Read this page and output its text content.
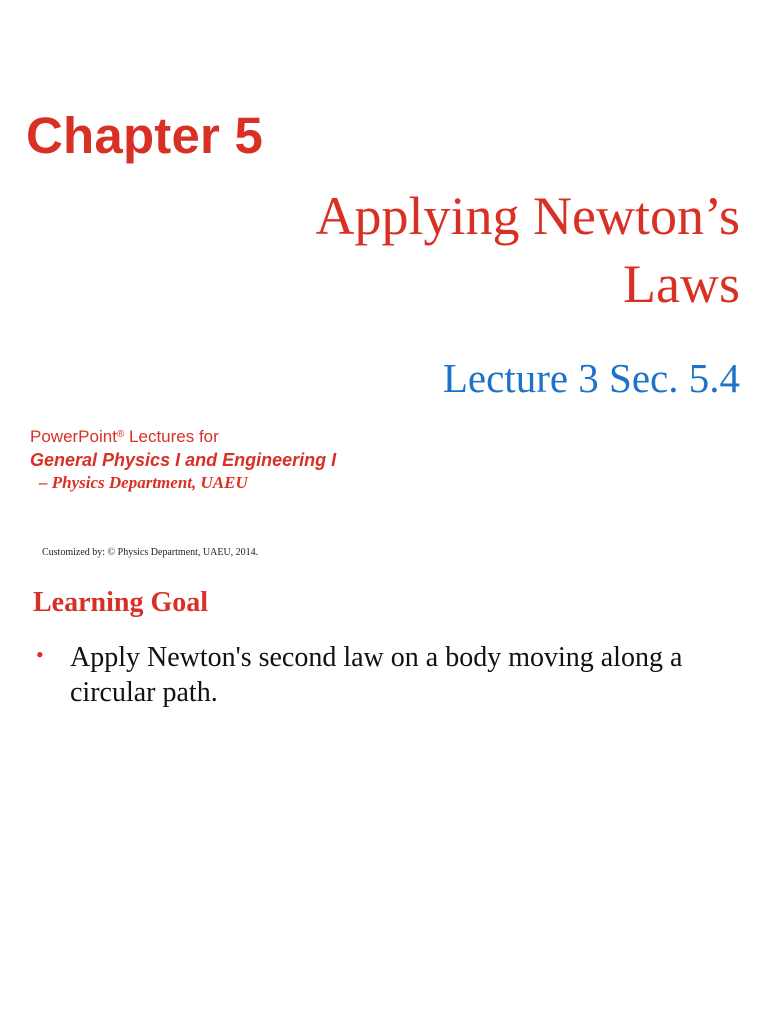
Chapter 5
Applying Newton’s
Laws
Lecture 3 Sec. 5.4
PowerPoint® Lectures for
General Physics I and Engineering I
– Physics Department, UAEU
Customized by: © Physics Department, UAEU, 2014.
Learning Goal
• Apply Newton's second law on a body moving along a circular path.
